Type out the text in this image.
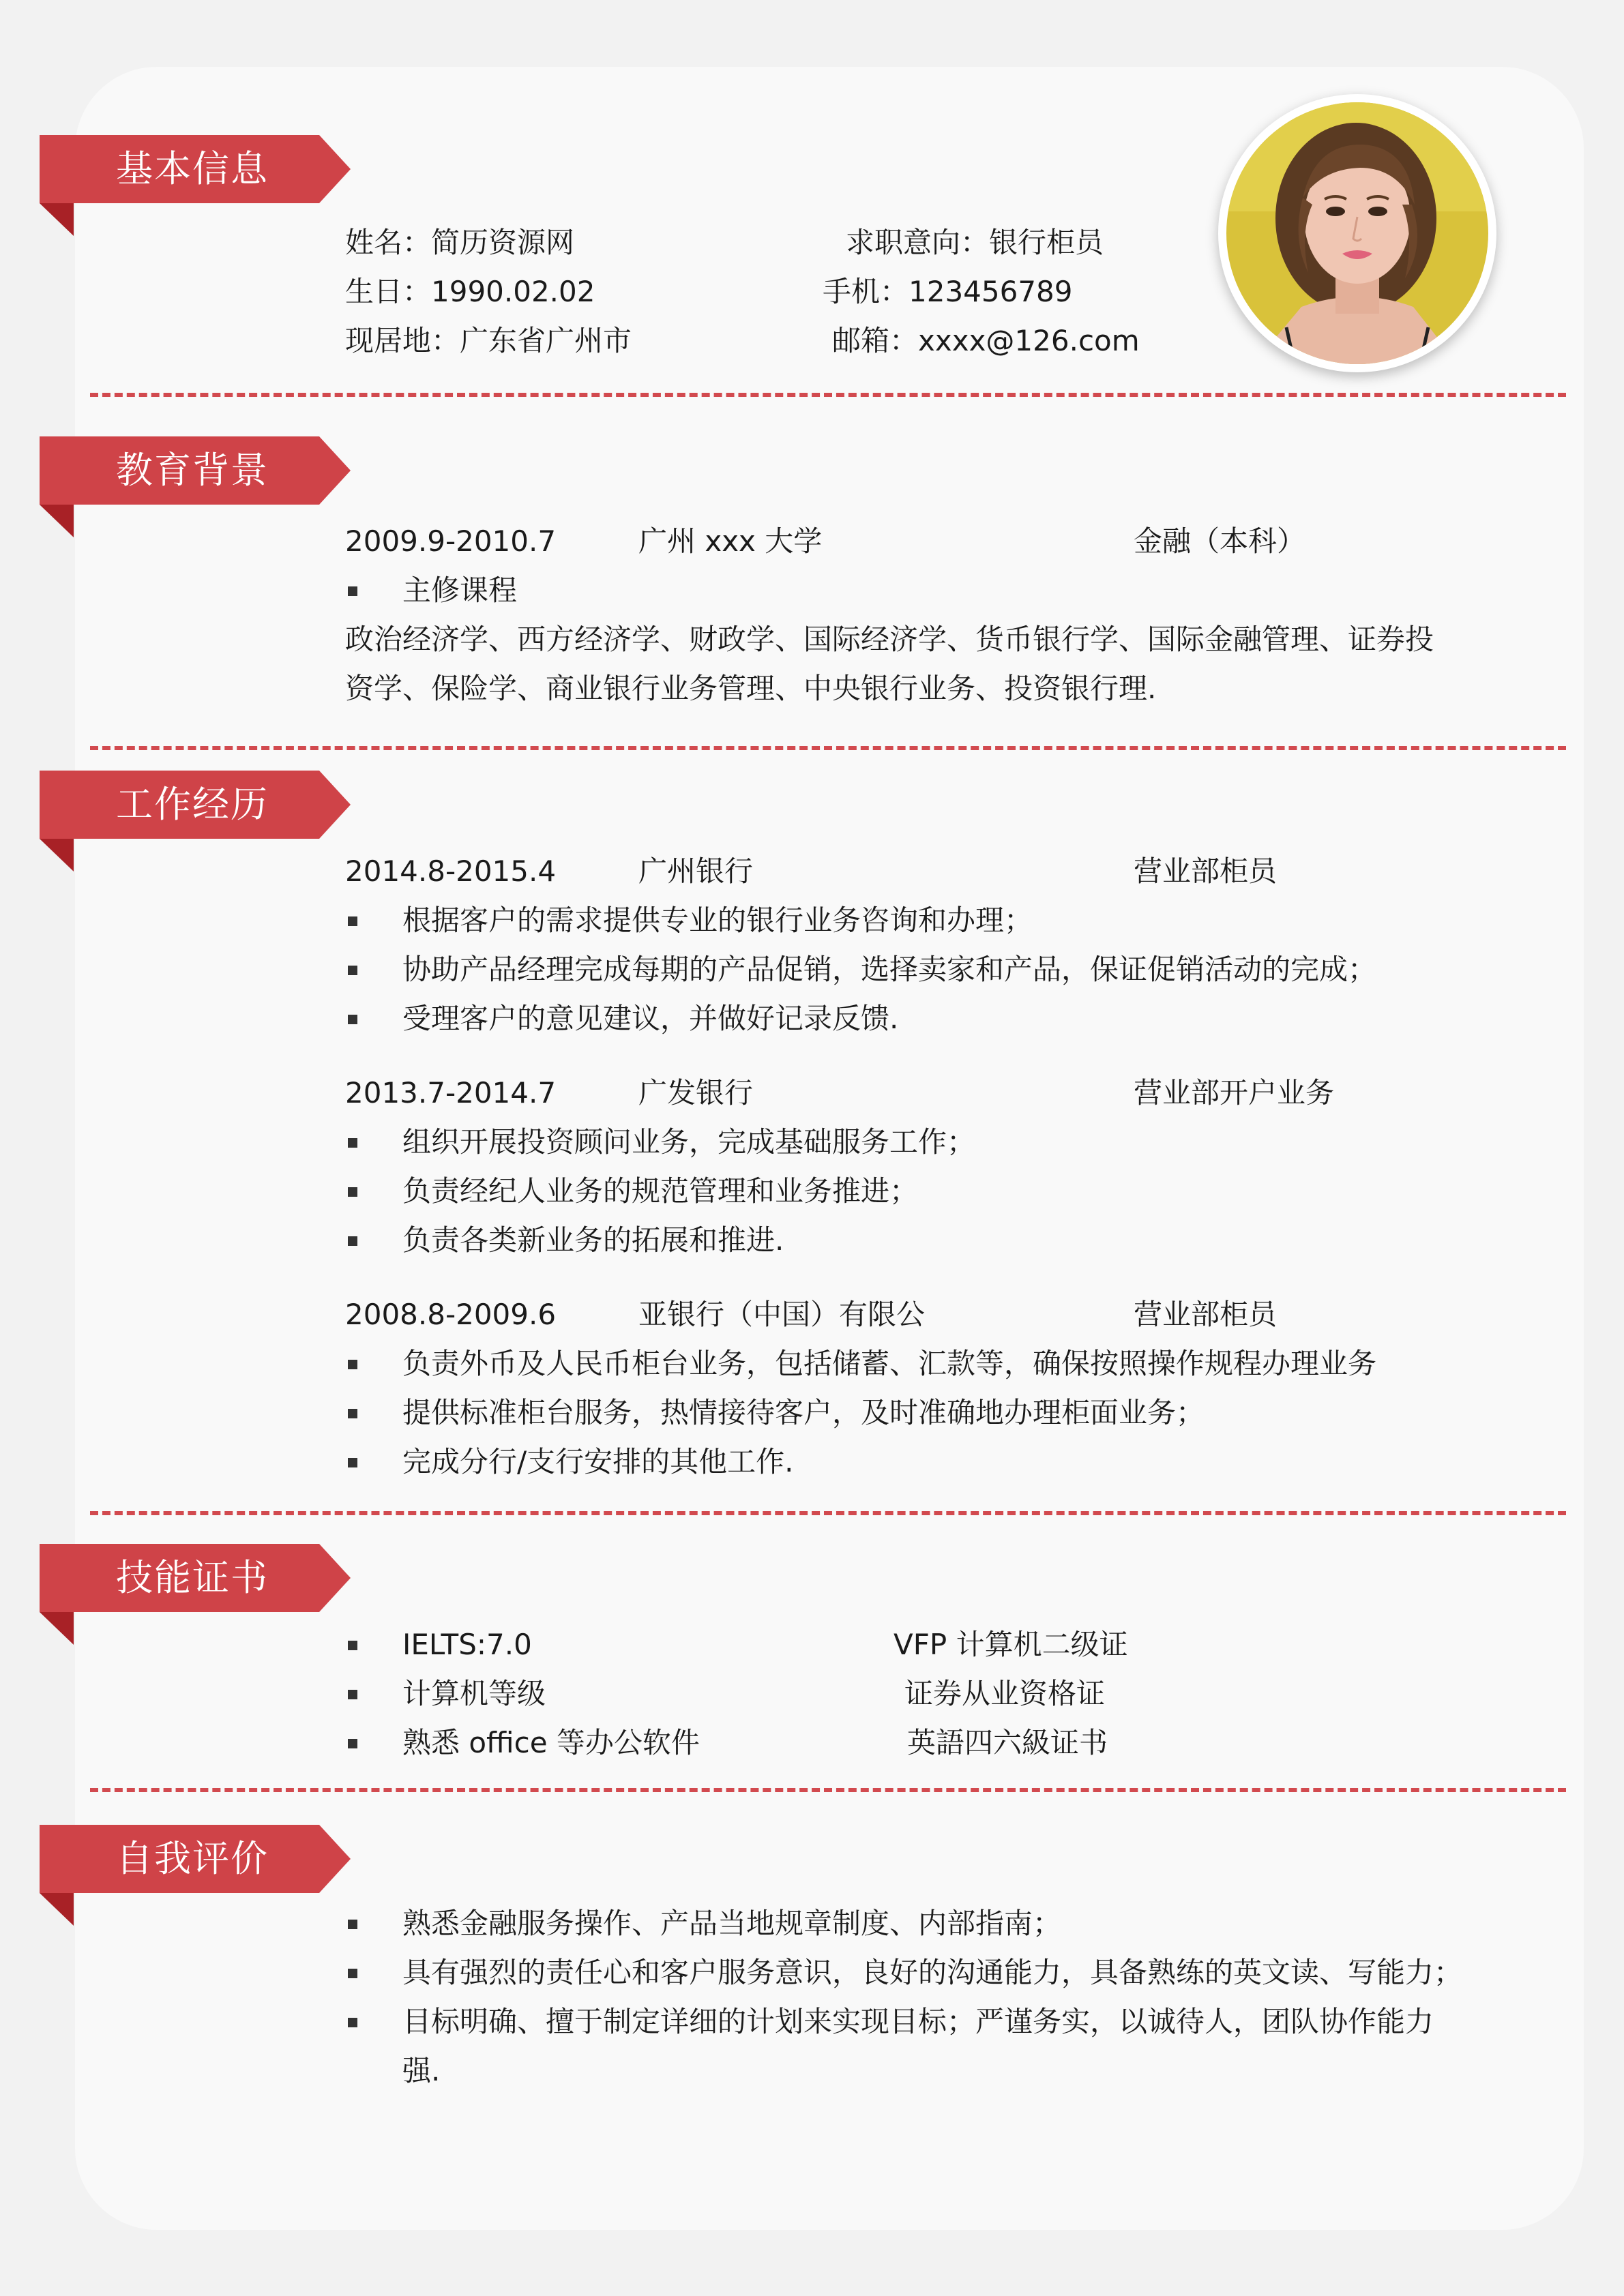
基本信息
姓名：简历资源网	求职意向：银行柜员
生日：1990.02.02	手机：123456789
现居地：广东省广州市	邮箱：xxxx@126.com
教育背景
2009.9-2010.7	广州 xxx 大学	金融（本科）
主修课程
政治经济学、西方经济学、财政学、国际经济学、货币银行学、国际金融管理、证券投
资学、保险学、商业银行业务管理、中央银行业务、投资银行理.
工作经历
2014.8-2015.4	广州银行	营业部柜员
根据客户的需求提供专业的银行业务咨询和办理；
协助产品经理完成每期的产品促销，选择卖家和产品，保证促销活动的完成；
受理客户的意见建议，并做好记录反馈.
2013.7-2014.7	广发银行	营业部开户业务
组织开展投资顾问业务，完成基础服务工作；
负责经纪人业务的规范管理和业务推进；
负责各类新业务的拓展和推进.
2008.8-2009.6	亚银行（中国）有限公	营业部柜员
负责外币及人民币柜台业务，包括储蓄、汇款等，确保按照操作规程办理业务
提供标准柜台服务，热情接待客户，及时准确地办理柜面业务；
完成分行/支行安排的其他工作.
技能证书
IELTS:7.0	VFP 计算机二级证
计算机等级	证券从业资格证
熟悉 office 等办公软件	英語四六級证书
自我评价
熟悉金融服务操作、产品当地规章制度、内部指南；
具有强烈的责任心和客户服务意识，良好的沟通能力，具备熟练的英文读、写能力；
目标明确、擅于制定详细的计划来实现目标；严谨务实，以诚待人，团队协作能力
强.
